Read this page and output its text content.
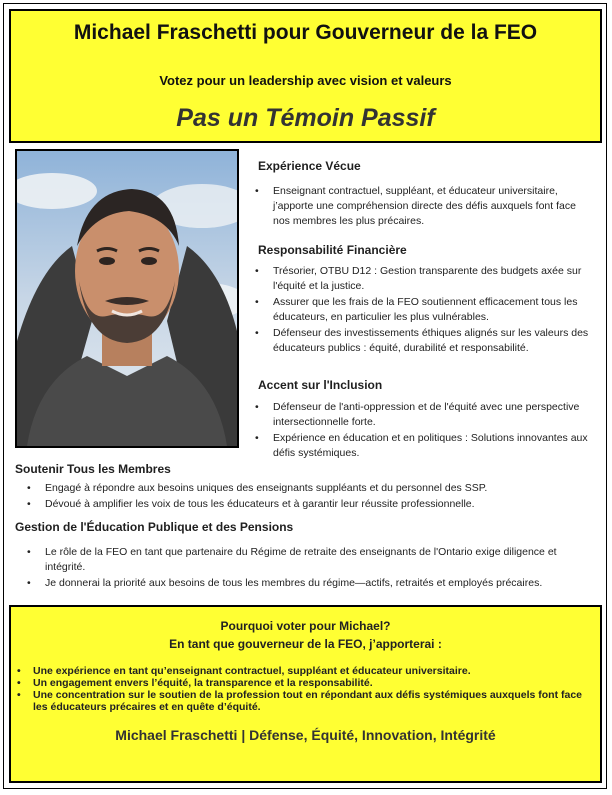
Michael Fraschetti pour Gouverneur de la FEO
Votez pour un leadership avec vision et valeurs
Pas un Témoin Passif
Expérience Vécue
• Enseignant contractuel, suppléant, et éducateur universitaire, j’apporte une compréhension directe des défis auxquels font face nos membres les plus précaires.
Responsabilité Financière
• Trésorier, OTBU D12 : Gestion transparente des budgets axée sur l'équité et la justice.
• Assurer que les frais de la FEO soutiennent efficacement tous les éducateurs, en particulier les plus vulnérables.
• Défenseur des investissements éthiques alignés sur les valeurs des éducateurs publics : équité, durabilité et responsabilité.
Accent sur l'Inclusion
• Défenseur de l'anti-oppression et de l'équité avec une perspective intersectionnelle forte.
• Expérience en éducation et en politiques : Solutions innovantes aux défis systémiques.
Soutenir Tous les Membres
• Engagé à répondre aux besoins uniques des enseignants suppléants et du personnel des SSP.
• Dévoué à amplifier les voix de tous les éducateurs et à garantir leur réussite professionnelle.
Gestion de l'Éducation Publique et des Pensions
• Le rôle de la FEO en tant que partenaire du Régime de retraite des enseignants de l'Ontario exige diligence et intégrité.
• Je donnerai la priorité aux besoins de tous les membres du régime—actifs, retraités et employés précaires.
Pourquoi voter pour Michael?
En tant que gouverneur de la FEO, j’apporterai :
• Une expérience en tant qu’enseignant contractuel, suppléant et éducateur universitaire.
• Un engagement envers l’équité, la transparence et la responsabilité.
• Une concentration sur le soutien de la profession tout en répondant aux défis systémiques auxquels font face les éducateurs précaires et en quête d’équité.
Michael Fraschetti | Défense, Équité, Innovation, Intégrité
